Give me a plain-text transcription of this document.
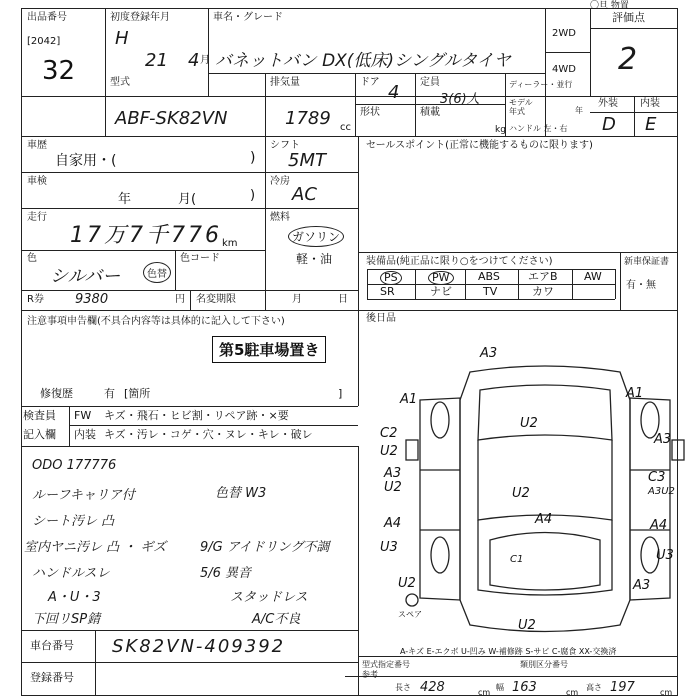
出品番号
[2042]
32
初度登録年月
H
21 4 月
車名・グレード
バネットバン DX(低床)シングルタイヤ
2WD
4WD
評価点
2
〇旦 物置
型式
ABF-SK82VN
排気量
1789 cc
ドア 4 定員
3(6)人
形状	積載
kg
ディーラー・並行
モデル年式	年
ハンドル 左・右
外装 内装
D E
車歴
自家用・(	)
車検
年	月(	)
走行
17万7千776 km
色
シルバー	色替
色コード
R券 9380	円 名変期限	月	日
シフト
5MT
冷房
AC
燃料
ガソリン
軽・油
セールスポイント(正常に機能するものに限ります)
装備品(純正品に限り○をつけてください)	新車保証書
有・無
PS	PW	ABS	エアB AW
SR	ナビ	TV	カワ
後日品
注意事項申告欄(不具合内容等は具体的に記入して下さい)
第5駐車場置き
修復歴	有 [箇所	]
検査員
記入欄
FW キズ・飛石・ヒビ割・リペア跡・×要
内装 キズ・汚レ・コゲ・穴・ヌレ・キレ・破レ
ODO 177776
ルーフキャリア付
シート汚レ 凸
室内ヤニ汚レ 凸 ・ ギズ
ハンドルスレ
A・U・3
下回リSP錆
色替 W3
9/G アイドリング不調
5/6 異音
スタッドレス
A/C不良
車台番号 SK82VN-409392
登録番号
A-キズ E-エクボ U-凹み W-補修跡 S-サビ C-腐食 XX-交換済
型式指定番号	類別区分番号
参考
長さ 428	cm
幅 163	cm
高さ 197	cm
A3
A1	A1
C2
U2
U2
A3
U2
A3
C3
A3U2
U2
A4	A4	A4
U3
C1	U3
U2	A3
U2
スペア
